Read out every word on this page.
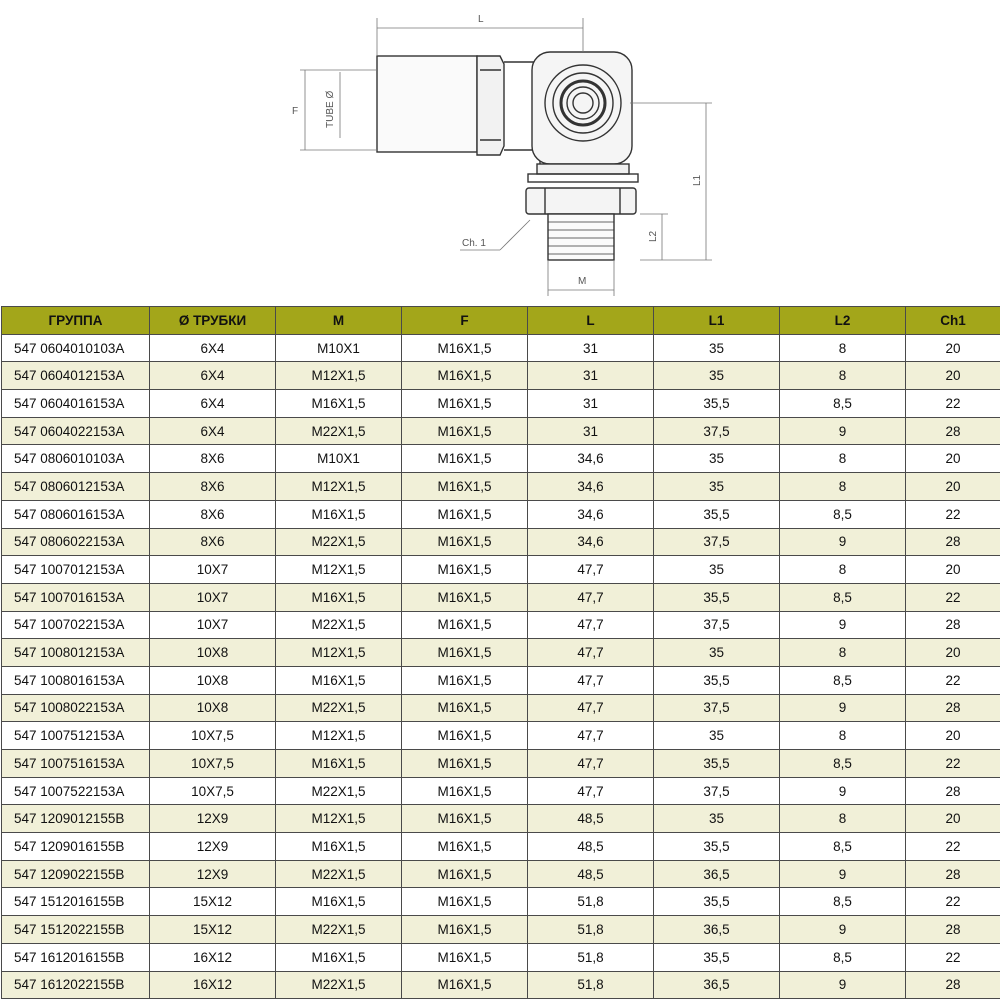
L
F	TUBE Ø
L1
L2
M
Ch. 1
ГРУППА	Ø ТРУБКИ	M	F	L	L1	L2	Ch1
547 0604010103A	6X4	M10X1	M16X1,5	31	35	8	20
547 0604012153A	6X4	M12X1,5	M16X1,5	31	35	8	20
547 0604016153A	6X4	M16X1,5	M16X1,5	31	35,5	8,5	22
547 0604022153A	6X4	M22X1,5	M16X1,5	31	37,5	9	28
547 0806010103A	8X6	M10X1	M16X1,5	34,6	35	8	20
547 0806012153A	8X6	M12X1,5	M16X1,5	34,6	35	8	20
547 0806016153A	8X6	M16X1,5	M16X1,5	34,6	35,5	8,5	22
547 0806022153A	8X6	M22X1,5	M16X1,5	34,6	37,5	9	28
547 1007012153A	10X7	M12X1,5	M16X1,5	47,7	35	8	20
547 1007016153A	10X7	M16X1,5	M16X1,5	47,7	35,5	8,5	22
547 1007022153A	10X7	M22X1,5	M16X1,5	47,7	37,5	9	28
547 1008012153A	10X8	M12X1,5	M16X1,5	47,7	35	8	20
547 1008016153A	10X8	M16X1,5	M16X1,5	47,7	35,5	8,5	22
547 1008022153A	10X8	M22X1,5	M16X1,5	47,7	37,5	9	28
547 1007512153A	10X7,5	M12X1,5	M16X1,5	47,7	35	8	20
547 1007516153A	10X7,5	M16X1,5	M16X1,5	47,7	35,5	8,5	22
547 1007522153A	10X7,5	M22X1,5	M16X1,5	47,7	37,5	9	28
547 1209012155B	12X9	M12X1,5	M16X1,5	48,5	35	8	20
547 1209016155B	12X9	M16X1,5	M16X1,5	48,5	35,5	8,5	22
547 1209022155B	12X9	M22X1,5	M16X1,5	48,5	36,5	9	28
547 1512016155B	15X12	M16X1,5	M16X1,5	51,8	35,5	8,5	22
547 1512022155B	15X12	M22X1,5	M16X1,5	51,8	36,5	9	28
547 1612016155B	16X12	M16X1,5	M16X1,5	51,8	35,5	8,5	22
547 1612022155B	16X12	M22X1,5	M16X1,5	51,8	36,5	9	28
